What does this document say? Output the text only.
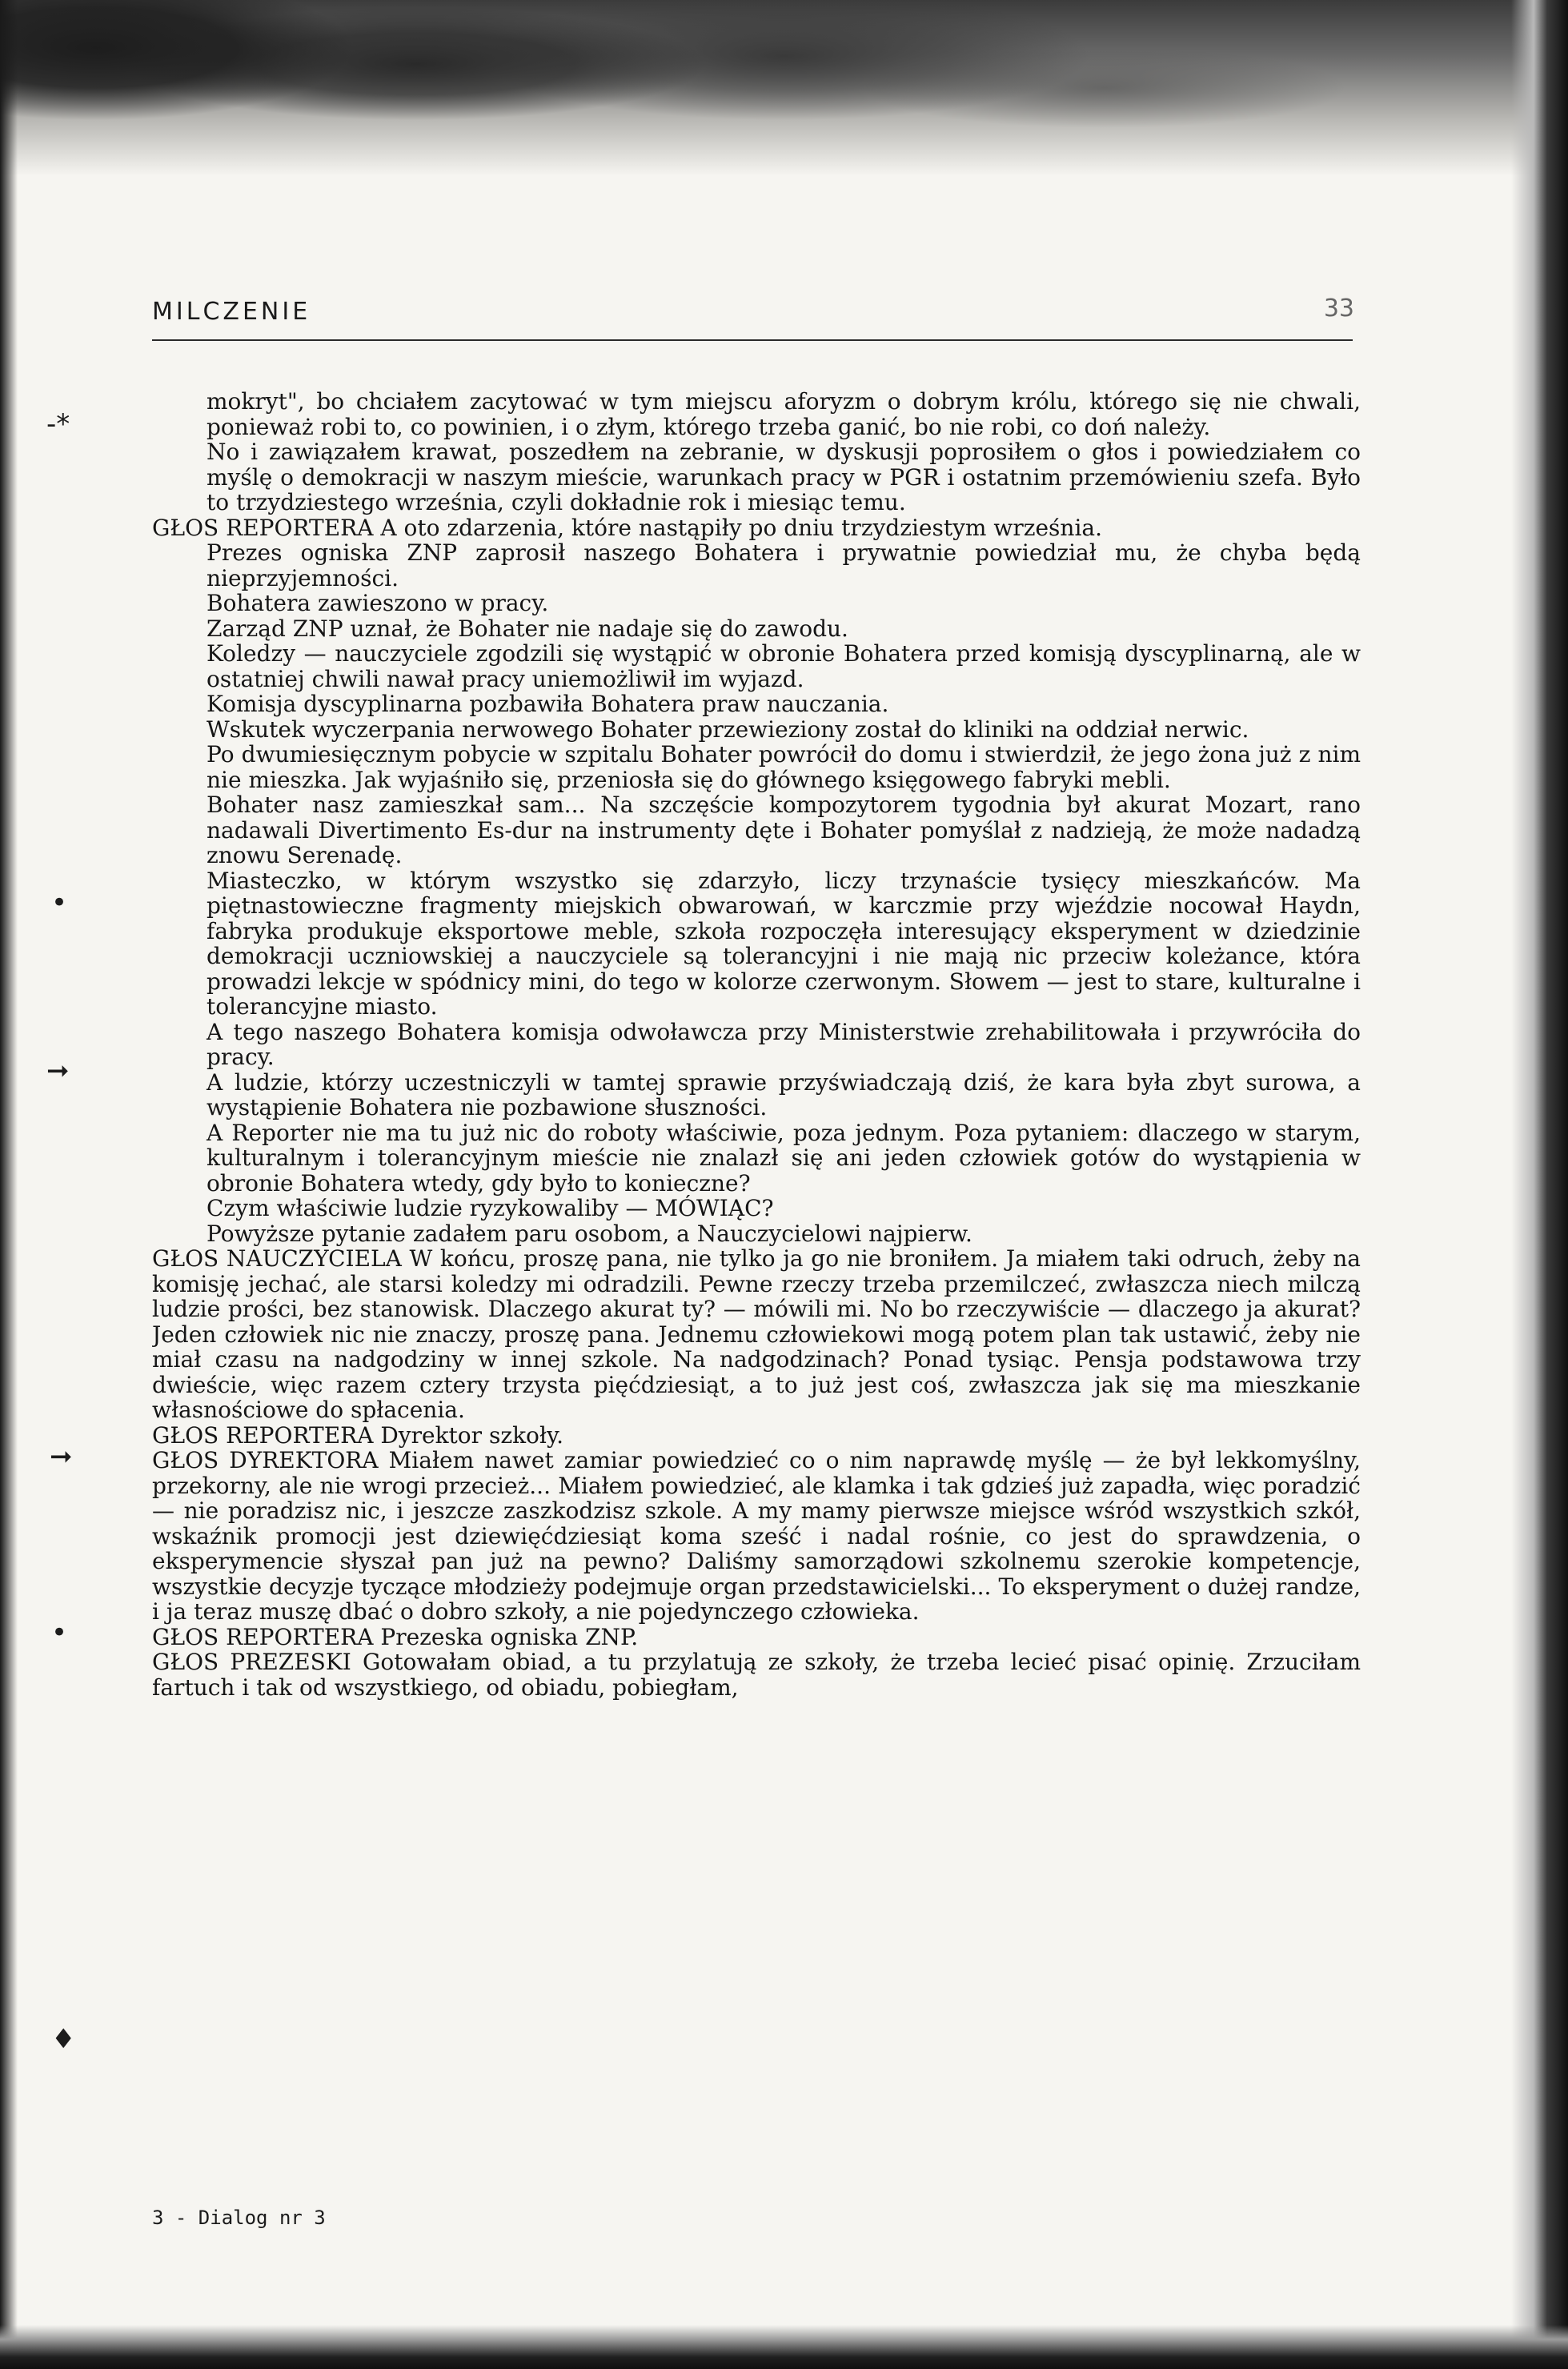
-*
•
➞
➞
•
♦
MILCZENIE	33

mokryt", bo chciałem zacytować w tym miejscu aforyzm o dobrym królu, którego się nie chwali, ponieważ robi to, co powinien, i o złym, którego trzeba ganić, bo nie robi, co doń należy.

No i zawiązałem krawat, poszedłem na zebranie, w dyskusji poprosiłem o głos i powiedziałem co myślę o demokracji w naszym mieście, warunkach pracy w PGR i ostatnim przemówieniu szefa. Było to trzydziestego września, czyli dokładnie rok i miesiąc temu.

GŁOS REPORTERA A oto zdarzenia, które nastąpiły po dniu trzydziestym września.

Prezes ogniska ZNP zaprosił naszego Bohatera i prywatnie powiedział mu, że chyba będą nieprzyjemności.

Bohatera zawieszono w pracy.

Zarząd ZNP uznał, że Bohater nie nadaje się do zawodu.

Koledzy — nauczyciele zgodzili się wystąpić w obronie Bohatera przed komisją dyscyplinarną, ale w ostatniej chwili nawał pracy uniemożliwił im wyjazd.

Komisja dyscyplinarna pozbawiła Bohatera praw nauczania.

Wskutek wyczerpania nerwowego Bohater przewieziony został do kliniki na oddział nerwic.

Po dwumiesięcznym pobycie w szpitalu Bohater powrócił do domu i stwierdził, że jego żona już z nim nie mieszka. Jak wyjaśniło się, przeniosła się do głównego księgowego fabryki mebli.

Bohater nasz zamieszkał sam... Na szczęście kompozytorem tygodnia był akurat Mozart, rano nadawali Divertimento Es-dur na instrumenty dęte i Bohater pomyślał z nadzieją, że może nadadzą znowu Serenadę.

Miasteczko, w którym wszystko się zdarzyło, liczy trzynaście tysięcy mieszkańców. Ma piętnastowieczne fragmenty miejskich obwarowań, w karczmie przy wjeździe nocował Haydn, fabryka produkuje eksportowe meble, szkoła rozpoczęła interesujący eksperyment w dziedzinie demokracji uczniowskiej a nauczyciele są tolerancyjni i nie mają nic przeciw koleżance, która prowadzi lekcje w spódnicy mini, do tego w kolorze czerwonym. Słowem — jest to stare, kulturalne i tolerancyjne miasto.

A tego naszego Bohatera komisja odwoławcza przy Ministerstwie zrehabilitowała i przywróciła do pracy.

A ludzie, którzy uczestniczyli w tamtej sprawie przyświadczają dziś, że kara była zbyt surowa, a wystąpienie Bohatera nie pozbawione słuszności.

A Reporter nie ma tu już nic do roboty właściwie, poza jednym. Poza pytaniem: dlaczego w starym, kulturalnym i tolerancyjnym mieście nie znalazł się ani jeden człowiek gotów do wystąpienia w obronie Bohatera wtedy, gdy było to konieczne?

Czym właściwie ludzie ryzykowaliby — MÓWIĄC?

Powyższe pytanie zadałem paru osobom, a Nauczycielowi najpierw.

GŁOS NAUCZYCIELA W końcu, proszę pana, nie tylko ja go nie broniłem. Ja miałem taki odruch, żeby na komisję jechać, ale starsi koledzy mi odradzili. Pewne rzeczy trzeba przemilczeć, zwłaszcza niech milczą ludzie prości, bez stanowisk. Dlaczego akurat ty? — mówili mi. No bo rzeczywiście — dlaczego ja akurat? Jeden człowiek nic nie znaczy, proszę pana. Jednemu człowiekowi mogą potem plan tak ustawić, żeby nie miał czasu na nadgodziny w innej szkole. Na nadgodzinach? Ponad tysiąc. Pensja podstawowa trzy dwieście, więc razem cztery trzysta pięćdziesiąt, a to już jest coś, zwłaszcza jak się ma mieszkanie własnościowe do spłacenia.

GŁOS REPORTERA Dyrektor szkoły.

GŁOS DYREKTORA Miałem nawet zamiar powiedzieć co o nim naprawdę myślę — że był lekkomyślny, przekorny, ale nie wrogi przecież... Miałem powiedzieć, ale klamka i tak gdzieś już zapadła, więc poradzić — nie poradzisz nic, i jeszcze zaszkodzisz szkole. A my mamy pierwsze miejsce wśród wszystkich szkół, wskaźnik promocji jest dziewięćdziesiąt koma sześć i nadal rośnie, co jest do sprawdzenia, o eksperymencie słyszał pan już na pewno? Daliśmy samorządowi szkolnemu szerokie kompetencje, wszystkie decyzje tyczące młodzieży podejmuje organ przedstawicielski... To eksperyment o dużej randze, i ja teraz muszę dbać o dobro szkoły, a nie pojedynczego człowieka.

GŁOS REPORTERA Prezeska ogniska ZNP.

GŁOS PREZESKI Gotowałam obiad, a tu przylatują ze szkoły, że trzeba lecieć pisać opinię. Zrzuciłam fartuch i tak od wszystkiego, od obiadu, pobiegłam,

3 - Dialog nr 3
